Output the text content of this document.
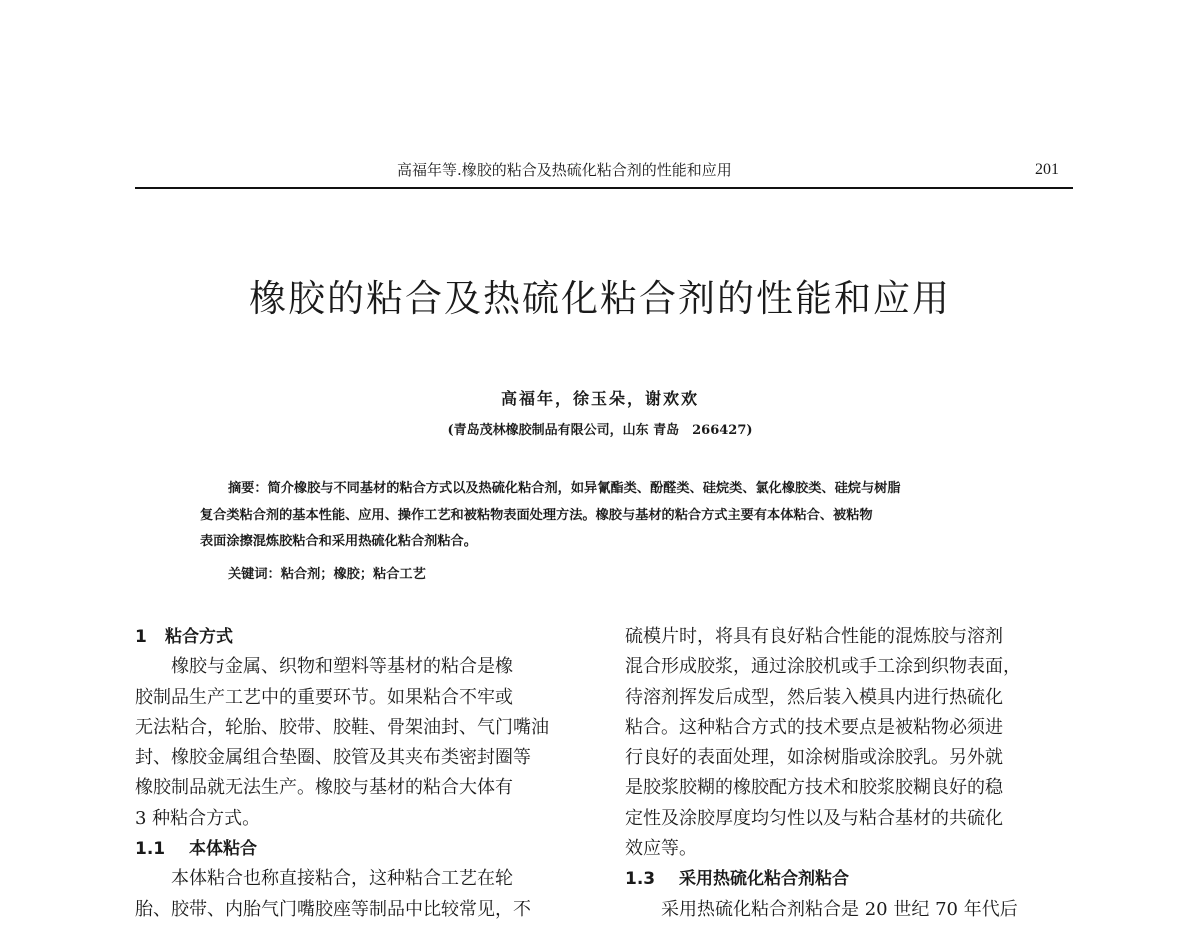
高福年等.橡胶的粘合及热硫化粘合剂的性能和应用	201
橡胶的粘合及热硫化粘合剂的性能和应用
高福年，徐玉朵，谢欢欢
(青岛茂林橡胶制品有限公司，山东 青岛　266427)
摘要：简介橡胶与不同基材的粘合方式以及热硫化粘合剂，如异氰酯类、酚醛类、硅烷类、氯化橡胶类、硅烷与树脂
复合类粘合剂的基本性能、应用、操作工艺和被粘物表面处理方法。橡胶与基材的粘合方式主要有本体粘合、被粘物
表面涂擦混炼胶粘合和采用热硫化粘合剂粘合。
关键词：粘合剂；橡胶；粘合工艺
1 粘合方式
橡胶与金属、织物和塑料等基材的粘合是橡
胶制品生产工艺中的重要环节。如果粘合不牢或
无法粘合，轮胎、胶带、胶鞋、骨架油封、气门嘴油
封、橡胶金属组合垫圈、胶管及其夹布类密封圈等
橡胶制品就无法生产。橡胶与基材的粘合大体有
3 种粘合方式。
1.1 本体粘合
本体粘合也称直接粘合，这种粘合工艺在轮
胎、胶带、内胎气门嘴胶座等制品中比较常见，不
硫模片时，将具有良好粘合性能的混炼胶与溶剂
混合形成胶浆，通过涂胶机或手工涂到织物表面，
待溶剂挥发后成型，然后装入模具内进行热硫化
粘合。这种粘合方式的技术要点是被粘物必须进
行良好的表面处理，如涂树脂或涂胶乳。另外就
是胶浆胶糊的橡胶配方技术和胶浆胶糊良好的稳
定性及涂胶厚度均匀性以及与粘合基材的共硫化
效应等。
1.3 采用热硫化粘合剂粘合
采用热硫化粘合剂粘合是 20 世纪 70 年代后
